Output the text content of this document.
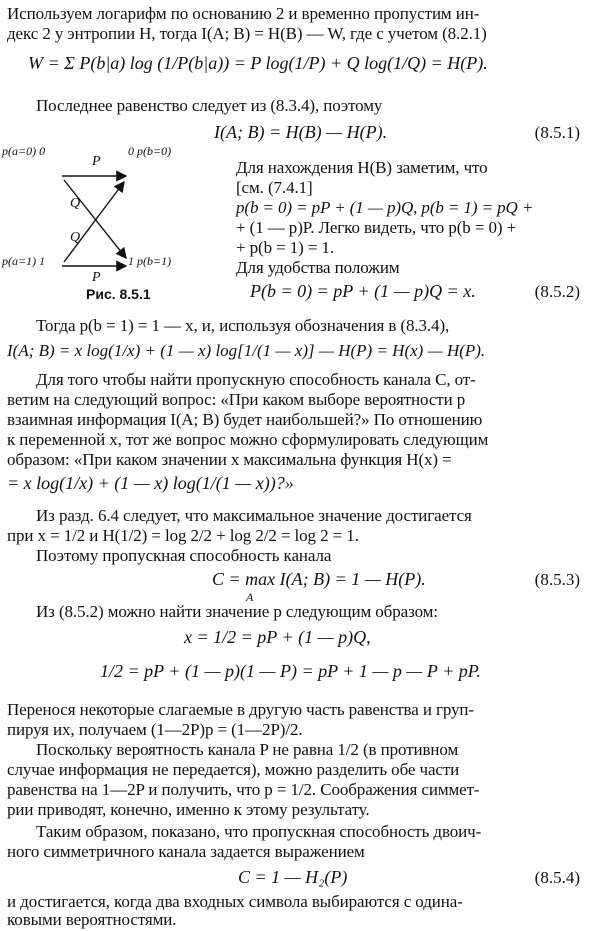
Используем логарифм по основанию 2 и временно пропустим ин-
декс 2 у энтропии H, тогда I(A; B) = H(B) — W, где с учетом (8.2.1)
W = Σ P(b|a) log (1/P(b|a)) = P log(1/P) + Q log(1/Q) = H(P).
Последнее равенство следует из (8.3.4), поэтому
I(A; B) = H(B) — H(P).	(8.5.1)
p(a=0) 0
p(a=1) 1
0 p(b=0)
1 p(b=1)
P
P
Q
Q
Рис. 8.5.1
Для нахождения H(B) заметим, что
[см. (7.4.1]
p(b = 0) = pP + (1 — p)Q, p(b = 1) = pQ +
+ (1 — p)P. Легко видеть, что p(b = 0) +
+ p(b = 1) = 1.
Для удобства положим
P(b = 0) = pP + (1 — p)Q = x.	(8.5.2)
Тогда p(b = 1) = 1 — x, и, используя обозначения в (8.3.4),
I(A; B) = x log(1/x) + (1 — x) log[1/(1 — x)] — H(P) = H(x) — H(P).
Для того чтобы найти пропускную способность канала C, от-
ветим на следующий вопрос: «При каком выборе вероятности p
взаимная информация I(A; B) будет наибольшей?» По отношению
к переменной x, тот же вопрос можно сформулировать следующим
образом: «При каком значении x максимальна функция H(x) =
= x log(1/x) + (1 — x) log(1/(1 — x))?»
Из разд. 6.4 следует, что максимальное значение достигается
при x = 1/2 и H(1/2) = log 2/2 + log 2/2 = log 2 = 1.
Поэтому пропускная способность канала
C = max I(A; B) = 1 — H(P).
A
(8.5.3)
Из (8.5.2) можно найти значение p следующим образом:
x = 1/2 = pP + (1 — p)Q,
1/2 = pP + (1 — p)(1 — P) = pP + 1 — p — P + pP.
Перенося некоторые слагаемые в другую часть равенства и груп-
пируя их, получаем (1—2P)p = (1—2P)/2.
Поскольку вероятность канала P не равна 1/2 (в противном
случае информация не передается), можно разделить обе части
равенства на 1—2P и получить, что p = 1/2. Соображения симмет-
рии приводят, конечно, именно к этому результату.
Таким образом, показано, что пропускная способность двоич-
ного симметричного канала задается выражением
C = 1 — H₂(P)	(8.5.4)
и достигается, когда два входных символа выбираются с одина-
ковыми вероятностями.
